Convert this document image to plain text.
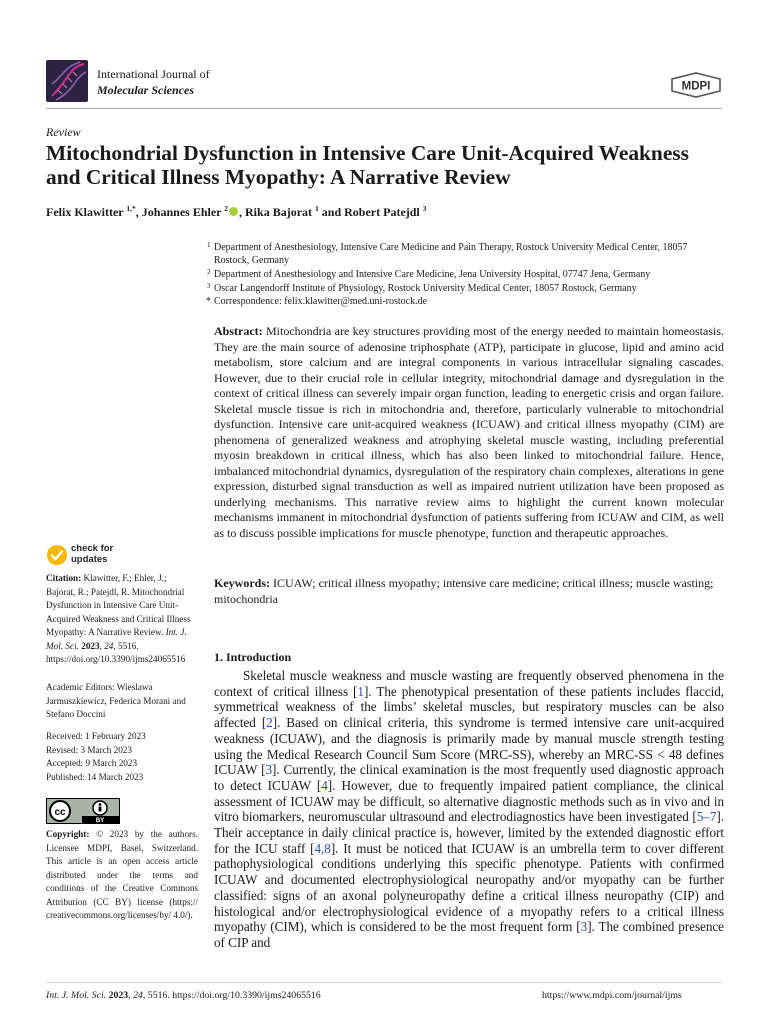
International Journal of
Molecular Sciences	MDPI
Review
Mitochondrial Dysfunction in Intensive Care Unit-Acquired Weakness and Critical Illness Myopathy: A Narrative Review
Felix Klawitter $^{1,*}$, Johannes Ehler $^2$ , Rika Bajorat $^1$ and Robert Patejdl $^3$
1 Department of Anesthesiology, Intensive Care Medicine and Pain Therapy, Rostock University Medical Center, 18057 Rostock, Germany
2 Department of Anesthesiology and Intensive Care Medicine, Jena University Hospital, 07747 Jena, Germany
3 Oscar Langendorff Institute of Physiology, Rostock University Medical Center, 18057 Rostock, Germany
* Correspondence: felix.klawitter@med.uni-rostock.de
Abstract: Mitochondria are key structures providing most of the energy needed to maintain homeostasis. They are the main source of adenosine triphosphate (ATP), participate in glucose, lipid and amino acid metabolism, store calcium and are integral components in various intracellular signaling cascades. However, due to their crucial role in cellular integrity, mitochondrial damage and dysregulation in the context of critical illness can severely impair organ function, leading to energetic crisis and organ failure. Skeletal muscle tissue is rich in mitochondria and, therefore, particularly vulnerable to mitochondrial dysfunction. Intensive care unit-acquired weakness (ICUAW) and critical illness myopathy (CIM) are phenomena of generalized weakness and atrophying skeletal muscle wasting, including preferential myosin breakdown in critical illness, which has also been linked to mitochondrial failure. Hence, imbalanced mitochondrial dynamics, dysregulation of the respiratory chain complexes, alterations in gene expression, disturbed signal transduction as well as impaired nutrient utilization have been proposed as underlying mechanisms. This narrative review aims to highlight the current known molecular mechanisms immanent in mitochondrial dysfunction of patients suffering from ICUAW and CIM, as well as to discuss possible implications for muscle phenotype, function and therapeutic approaches.
Keywords: ICUAW; critical illness myopathy; intensive care medicine; critical illness; muscle wasting; mitochondria
1. Introduction
Skeletal muscle weakness and muscle wasting are frequently observed phenomena in the context of critical illness [1]. The phenotypical presentation of these patients includes flaccid, symmetrical weakness of the limbs’ skeletal muscles, but respiratory muscles can be also affected [2]. Based on clinical criteria, this syndrome is termed intensive care unit-acquired weakness (ICUAW), and the diagnosis is primarily made by manual muscle strength testing using the Medical Research Council Sum Score (MRC-SS), whereby an MRC-SS < 48 defines ICUAW [3]. Currently, the clinical examination is the most frequently used diagnostic approach to detect ICUAW [4]. However, due to frequently impaired patient compliance, the clinical assessment of ICUAW may be difficult, so alternative diagnostic methods such as in vivo and in vitro biomarkers, neuromuscular ultrasound and electrodiagnostics have been investigated [5–7]. Their acceptance in daily clinical practice is, however, limited by the extended diagnostic effort for the ICU staff [4,8]. It must be noticed that ICUAW is an umbrella term to cover different pathophysiological conditions underlying this specific phenotype. Patients with confirmed ICUAW and documented electrophysiological neuropathy and/or myopathy can be further classified: signs of an axonal polyneuropathy define a critical illness neuropathy (CIP) and histological and/or electrophysiological evidence of a myopathy refers to a critical illness myopathy (CIM), which is considered to be the most frequent form [3]. The combined presence of CIP and
check for
updates
Citation: Klawitter, F.; Ehler, J.; Bajorat, R.; Patejdl, R. Mitochondrial Dysfunction in Intensive Care Unit-Acquired Weakness and Critical Illness Myopathy: A Narrative Review. Int. J. Mol. Sci. 2023, 24, 5516. https://doi.org/10.3390/ijms24065516
Academic Editors: Wieslawa Jarmuszkiewicz, Federica Morani and Stefano Doccini
Received: 1 February 2023
Revised: 3 March 2023
Accepted: 9 March 2023
Published: 14 March 2023
cc
BY
Copyright: © 2023 by the authors. Licensee MDPI, Basel, Switzerland. This article is an open access article distributed under the terms and conditions of the Creative Commons Attribution (CC BY) license (https:// creativecommons.org/licenses/by/ 4.0/).
Int. J. Mol. Sci. 2023, 24, 5516. https://doi.org/10.3390/ijms24065516	https://www.mdpi.com/journal/ijms
